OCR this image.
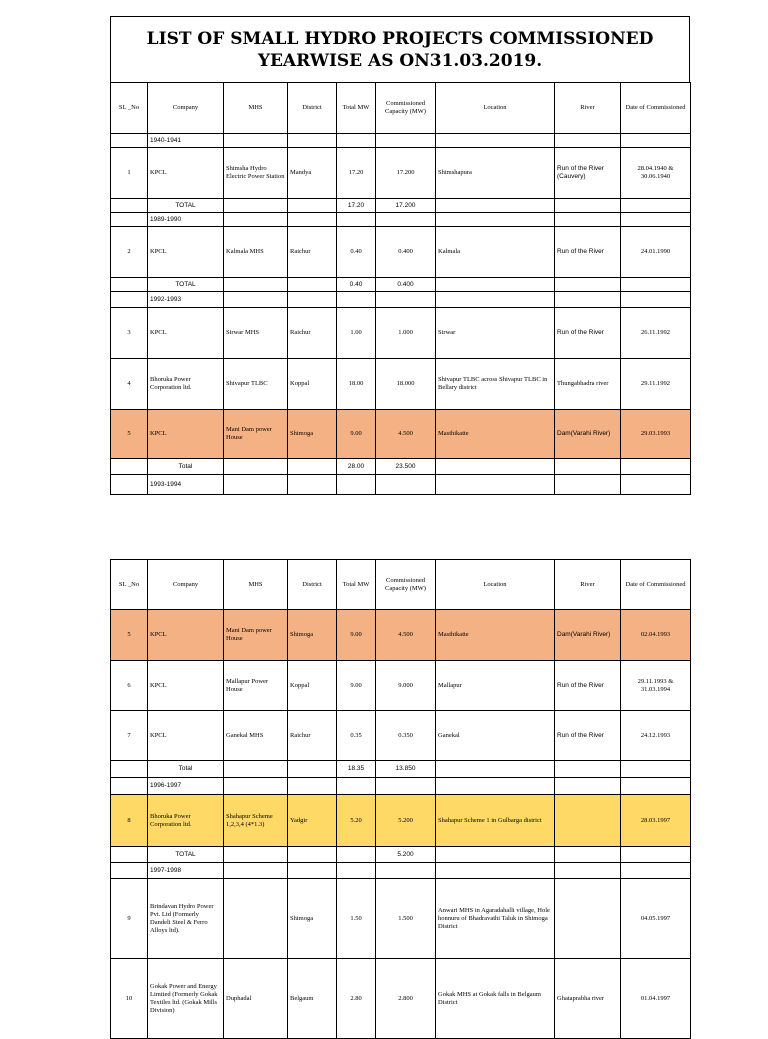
LIST OF SMALL HYDRO PROJECTS COMMISSIONED
YEARWISE AS ON31.03.2019.
SL _No	Company	MHS	District	Total MW	Commissioned Capacity (MW)	Location	River	Date of Commissioned
	1940-1941							
1	KPCL	Shimsha Hydro Electric Power Station	Mandya	17.20	17.200	Shimshapura	Run of the River (Cauvery)	28.04.1940 & 30.06.1940
	TOTAL			17.20	17.200			
	1989-1990							
2	KPCL	Kalmala MHS	Raichur	0.40	0.400	Kalmala	Run of the River	24.01.1990
	TOTAL			0.40	0.400			
	1992-1993							
3	KPCL	Sirwar MHS	Raichur	1.00	1.000	Sirwar	Run of the River	26.11.1992
4	Bhoruka Power Corporation ltd.	Shivapur TLBC	Koppal	18.00	18.000	Shivapur TLBC across Shivapur TLBC in Bellary district	Thungabhadra river	29.11.1992
5	KPCL	Mani Dam power House	Shimoga	9.00	4.500	Masthikatte	Dam(Varahi River)	29.03.1993
	Total			28.00	23.500			
	1993-1994							
SL _No	Company	MHS	District	Total MW	Commissioned Capacity (MW)	Location	River	Date of Commissioned
5	KPCL	Mani Dam power House	Shimoga	9.00	4.500	Masthikatte	Dam(Varahi River)	02.04.1993
6	KPCL	Mallapur Power House	Koppal	9.00	9.000	Mallapur	Run of the River	29.11.1993 & 31.03.1994
7	KPCL	Ganekal MHS	Raichur	0.35	0.350	Ganekal	Run of the River	24.12.1993
	Total			18.35	13.850			
	1996-1997							
8	Bhoruka Power Corporation ltd.	Shahapur Scheme 1,2,3,4 (4*1.3)	Yadgir	5.20	5.200	Shahapur Scheme 1 in Gulbarga district		28.03.1997
	TOTAL				5.200			
	1997-1998							
9	Brindavan Hydro Power Pvt. Ltd (Formerly Dandeli Steel & Ferro Alloys ltd).		Shimoga	1.50	1.500	Anwari MHS in Agaradahalli village, Hole honnuru of Bhadravathi Taluk in Shimoga District		04.05.1997
10	Gokak Power and Energy Limited (Formerly Gokak Textiles ltd. (Gokak Mills Division)	Duphadal	Belgaum	2.80	2.800	Gokak MHS at Gokak falls in Belgaum District	Ghataprabha river	01.04.1997
